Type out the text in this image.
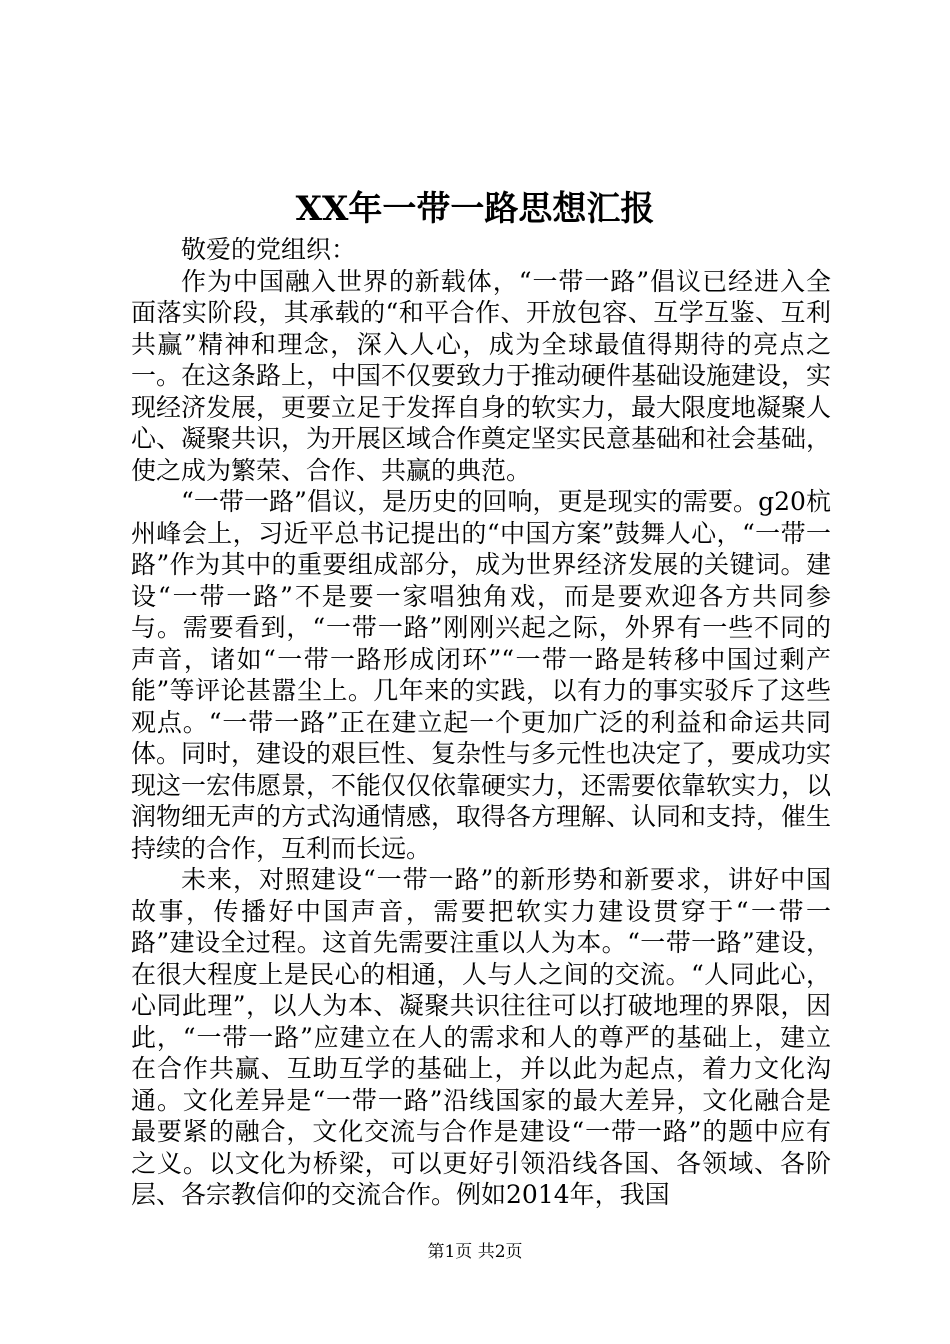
XX年一带一路思想汇报

敬爱的党组织：

作为中国融入世界的新载体，“一带一路”倡议已经进入全面落实阶段，其承载的“和平合作、开放包容、互学互鉴、互利共赢”精神和理念，深入人心，成为全球最值得期待的亮点之一。在这条路上，中国不仅要致力于推动硬件基础设施建设，实现经济发展，更要立足于发挥自身的软实力，最大限度地凝聚人心、凝聚共识，为开展区域合作奠定坚实民意基础和社会基础，使之成为繁荣、合作、共赢的典范。

“一带一路”倡议，是历史的回响，更是现实的需要。g20杭州峰会上，习近平总书记提出的“中国方案”鼓舞人心，“一带一路”作为其中的重要组成部分，成为世界经济发展的关键词。建设“一带一路”不是要一家唱独角戏，而是要欢迎各方共同参与。需要看到，“一带一路”刚刚兴起之际，外界有一些不同的声音，诸如“一带一路形成闭环”“一带一路是转移中国过剩产能”等评论甚嚣尘上。几年来的实践，以有力的事实驳斥了这些观点。“一带一路”正在建立起一个更加广泛的利益和命运共同体。同时，建设的艰巨性、复杂性与多元性也决定了，要成功实现这一宏伟愿景，不能仅仅依靠硬实力，还需要依靠软实力，以润物细无声的方式沟通情感，取得各方理解、认同和支持，催生持续的合作，互利而长远。

未来，对照建设“一带一路”的新形势和新要求，讲好中国故事，传播好中国声音，需要把软实力建设贯穿于“一带一路”建设全过程。这首先需要注重以人为本。“一带一路”建设，在很大程度上是民心的相通，人与人之间的交流。“人同此心，心同此理”，以人为本、凝聚共识往往可以打破地理的界限，因此，“一带一路”应建立在人的需求和人的尊严的基础上，建立在合作共赢、互助互学的基础上，并以此为起点，着力文化沟通。文化差异是“一带一路”沿线国家的最大差异，文化融合是最要紧的融合，文化交流与合作是建设“一带一路”的题中应有之义。以文化为桥梁，可以更好引领沿线各国、各领域、各阶层、各宗教信仰的交流合作。例如2014年，我国

第1页 共2页
